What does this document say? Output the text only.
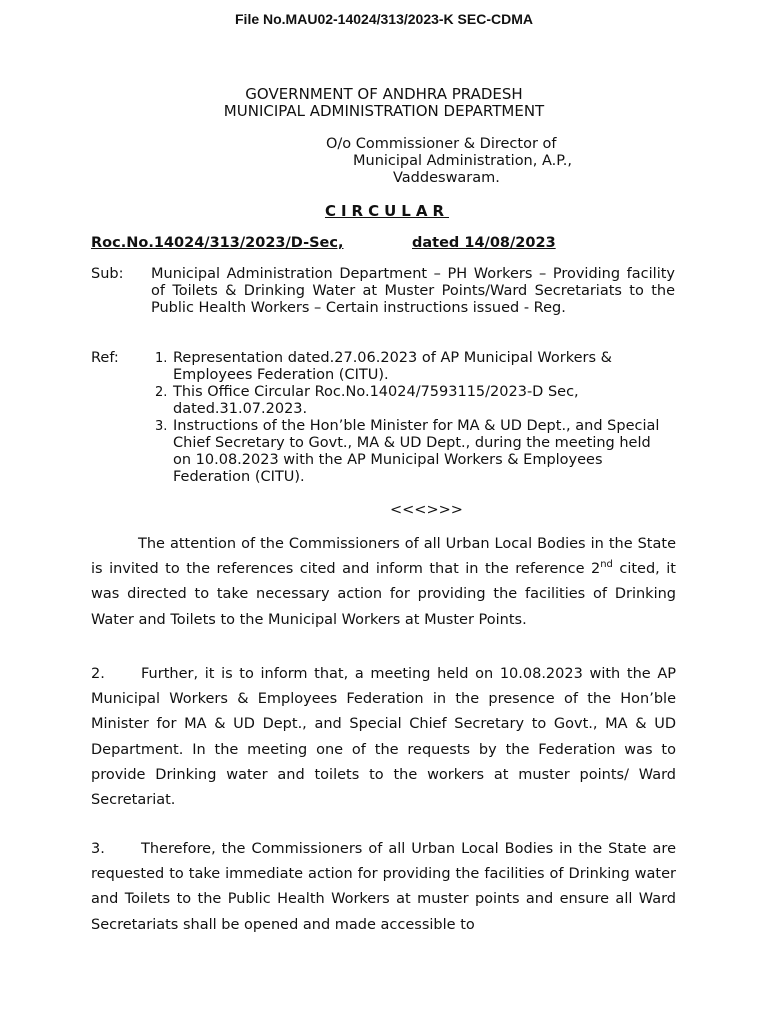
File No.MAU02-14024/313/2023-K SEC-CDMA
GOVERNMENT OF ANDHRA PRADESH
MUNICIPAL ADMINISTRATION DEPARTMENT
O/o Commissioner & Director of
Municipal Administration, A.P.,
Vaddeswaram.
CIRCULAR
Roc.No.14024/313/2023/D-Sec,	dated 14/08/2023
Sub: Municipal Administration Department – PH Workers – Providing facility of Toilets & Drinking Water at Muster Points/Ward Secretariats to the Public Health Workers – Certain instructions issued - Reg.
Ref:	1. Representation dated.27.06.2023 of AP Municipal Workers & Employees Federation (CITU).
2. This Office Circular Roc.No.14024/7593115/2023-D Sec, dated.31.07.2023.
3. Instructions of the Hon’ble Minister for MA & UD Dept., and Special Chief Secretary to Govt., MA & UD Dept., during the meeting held on 10.08.2023 with the AP Municipal Workers & Employees Federation (CITU).
<<<>>>
The attention of the Commissioners of all Urban Local Bodies in the State is invited to the references cited and inform that in the reference 2nd cited, it was directed to take necessary action for providing the facilities of Drinking Water and Toilets to the Municipal Workers at Muster Points.
2. Further, it is to inform that, a meeting held on 10.08.2023 with the AP Municipal Workers & Employees Federation in the presence of the Hon’ble Minister for MA & UD Dept., and Special Chief Secretary to Govt., MA & UD Department. In the meeting one of the requests by the Federation was to provide Drinking water and toilets to the workers at muster points/ Ward Secretariat.
3. Therefore, the Commissioners of all Urban Local Bodies in the State are requested to take immediate action for providing the facilities of Drinking water and Toilets to the Public Health Workers at muster points and ensure all Ward Secretariats shall be opened and made accessible to
